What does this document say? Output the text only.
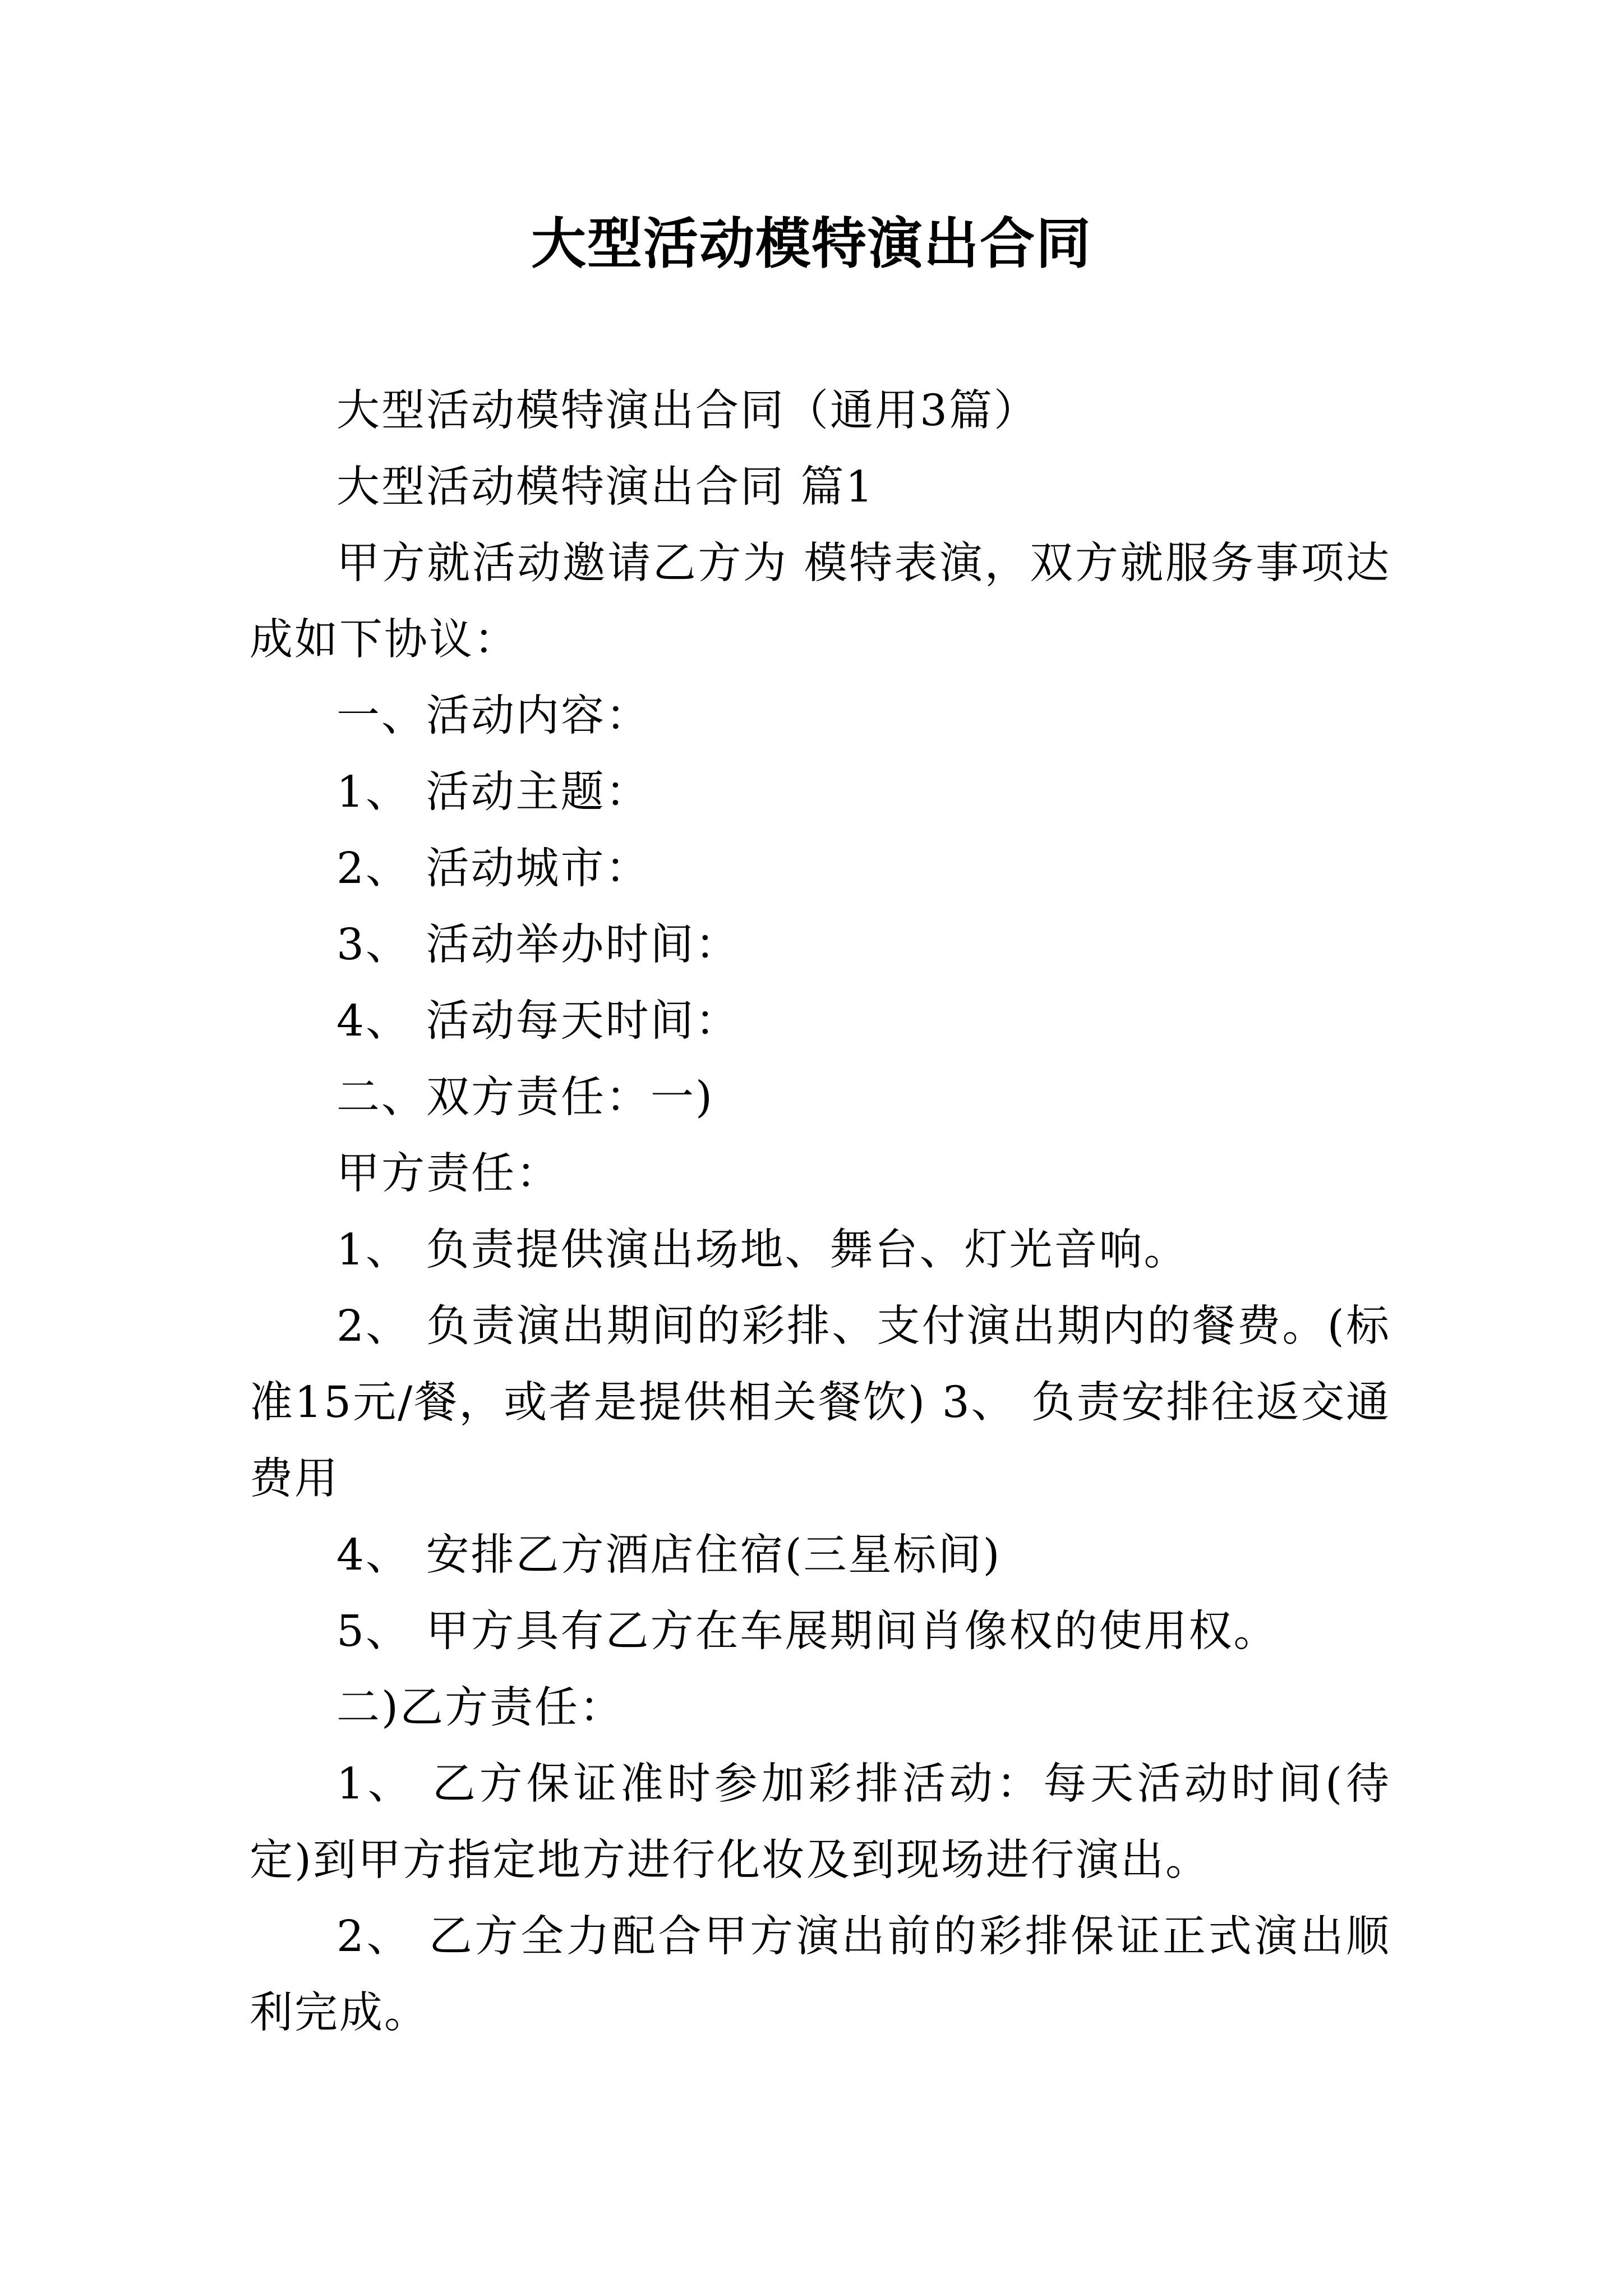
大型活动模特演出合同

大型活动模特演出合同（通用3篇）

大型活动模特演出合同 篇1

甲方就活动邀请乙方为 模特表演，双方就服务事项达成如下协议：

一、活动内容：

1、 活动主题：

2、 活动城市：

3、 活动举办时间：

4、 活动每天时间：

二、双方责任：一)

甲方责任：

1、 负责提供演出场地、舞台、灯光音响。

2、 负责演出期间的彩排、支付演出期内的餐费。(标准15元/餐，或者是提供相关餐饮) 3、 负责安排往返交通费用

4、 安排乙方酒店住宿(三星标间)

5、 甲方具有乙方在车展期间肖像权的使用权。

二)乙方责任：

1、 乙方保证准时参加彩排活动：每天活动时间(待定)到甲方指定地方进行化妆及到现场进行演出。

2、 乙方全力配合甲方演出前的彩排保证正式演出顺利完成。
